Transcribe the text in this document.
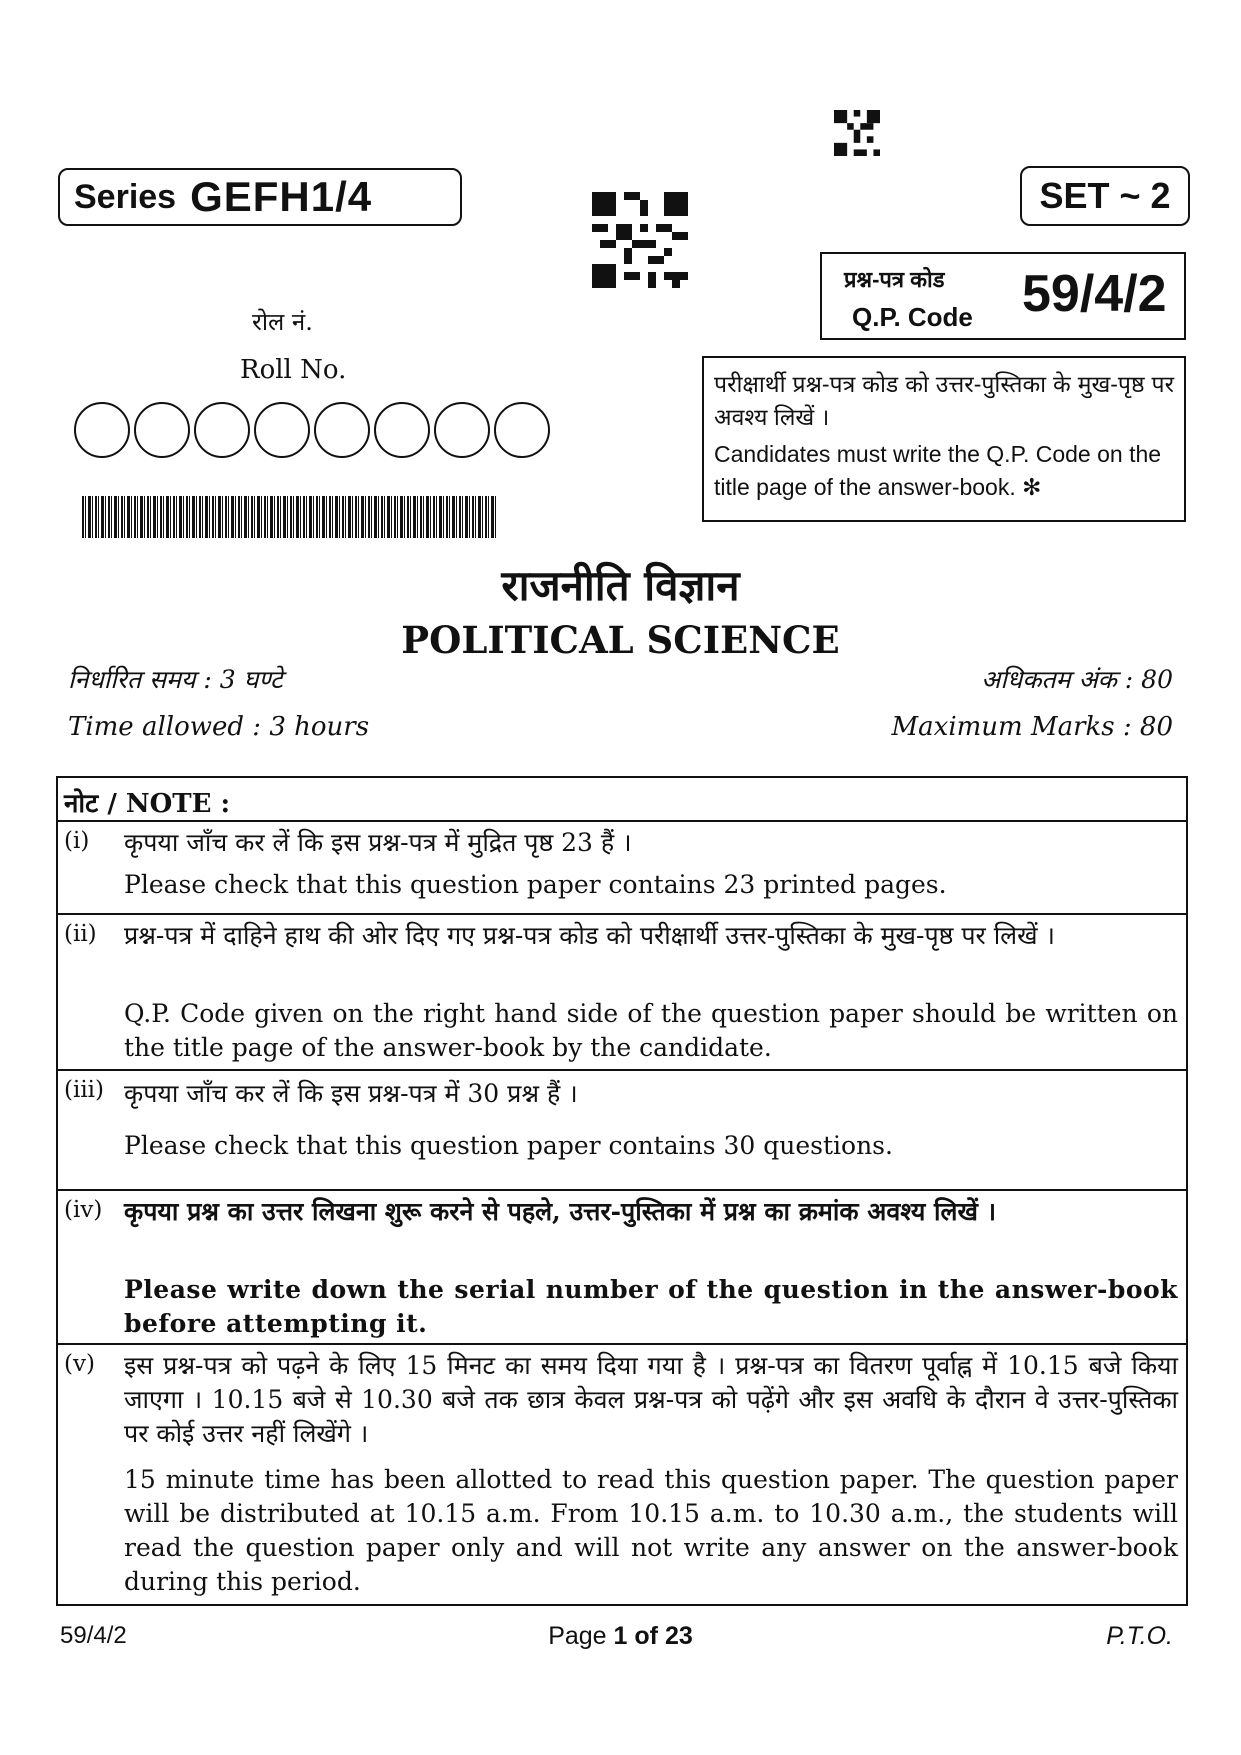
Series GEFH1/4	SET ~ 2
प्रश्न-पत्र कोड
Q.P. Code 59/4/2
परीक्षार्थी प्रश्न-पत्र कोड को उत्तर-पुस्तिका के मुख-पृष्ठ पर अवश्य लिखें ।
Candidates must write the Q.P. Code on the title page of the answer-book. ✻
रोल नं.
Roll No.
राजनीति विज्ञान
POLITICAL SCIENCE
निर्धारित समय : 3 घण्टे
Time allowed : 3 hours
अधिकतम अंक : 80
Maximum Marks : 80
नोट / NOTE :
(i) कृपया जाँच कर लें कि इस प्रश्न-पत्र में मुद्रित पृष्ठ 23 हैं ।
Please check that this question paper contains 23 printed pages.
(ii) प्रश्न-पत्र में दाहिने हाथ की ओर दिए गए प्रश्न-पत्र कोड को परीक्षार्थी उत्तर-पुस्तिका के मुख-पृष्ठ पर लिखें ।
Q.P. Code given on the right hand side of the question paper should be written on the title page of the answer-book by the candidate.
(iii) कृपया जाँच कर लें कि इस प्रश्न-पत्र में 30 प्रश्न हैं ।
Please check that this question paper contains 30 questions.
(iv) कृपया प्रश्न का उत्तर लिखना शुरू करने से पहले, उत्तर-पुस्तिका में प्रश्न का क्रमांक अवश्य लिखें ।
Please write down the serial number of the question in the answer-book before attempting it.
(v) इस प्रश्न-पत्र को पढ़ने के लिए 15 मिनट का समय दिया गया है । प्रश्न-पत्र का वितरण पूर्वाह्न में 10.15 बजे किया जाएगा । 10.15 बजे से 10.30 बजे तक छात्र केवल प्रश्न-पत्र को पढ़ेंगे और इस अवधि के दौरान वे उत्तर-पुस्तिका पर कोई उत्तर नहीं लिखेंगे ।
15 minute time has been allotted to read this question paper. The question paper will be distributed at 10.15 a.m. From 10.15 a.m. to 10.30 a.m., the students will read the question paper only and will not write any answer on the answer-book during this period.
59/4/2	Page 1 of 23	P.T.O.
